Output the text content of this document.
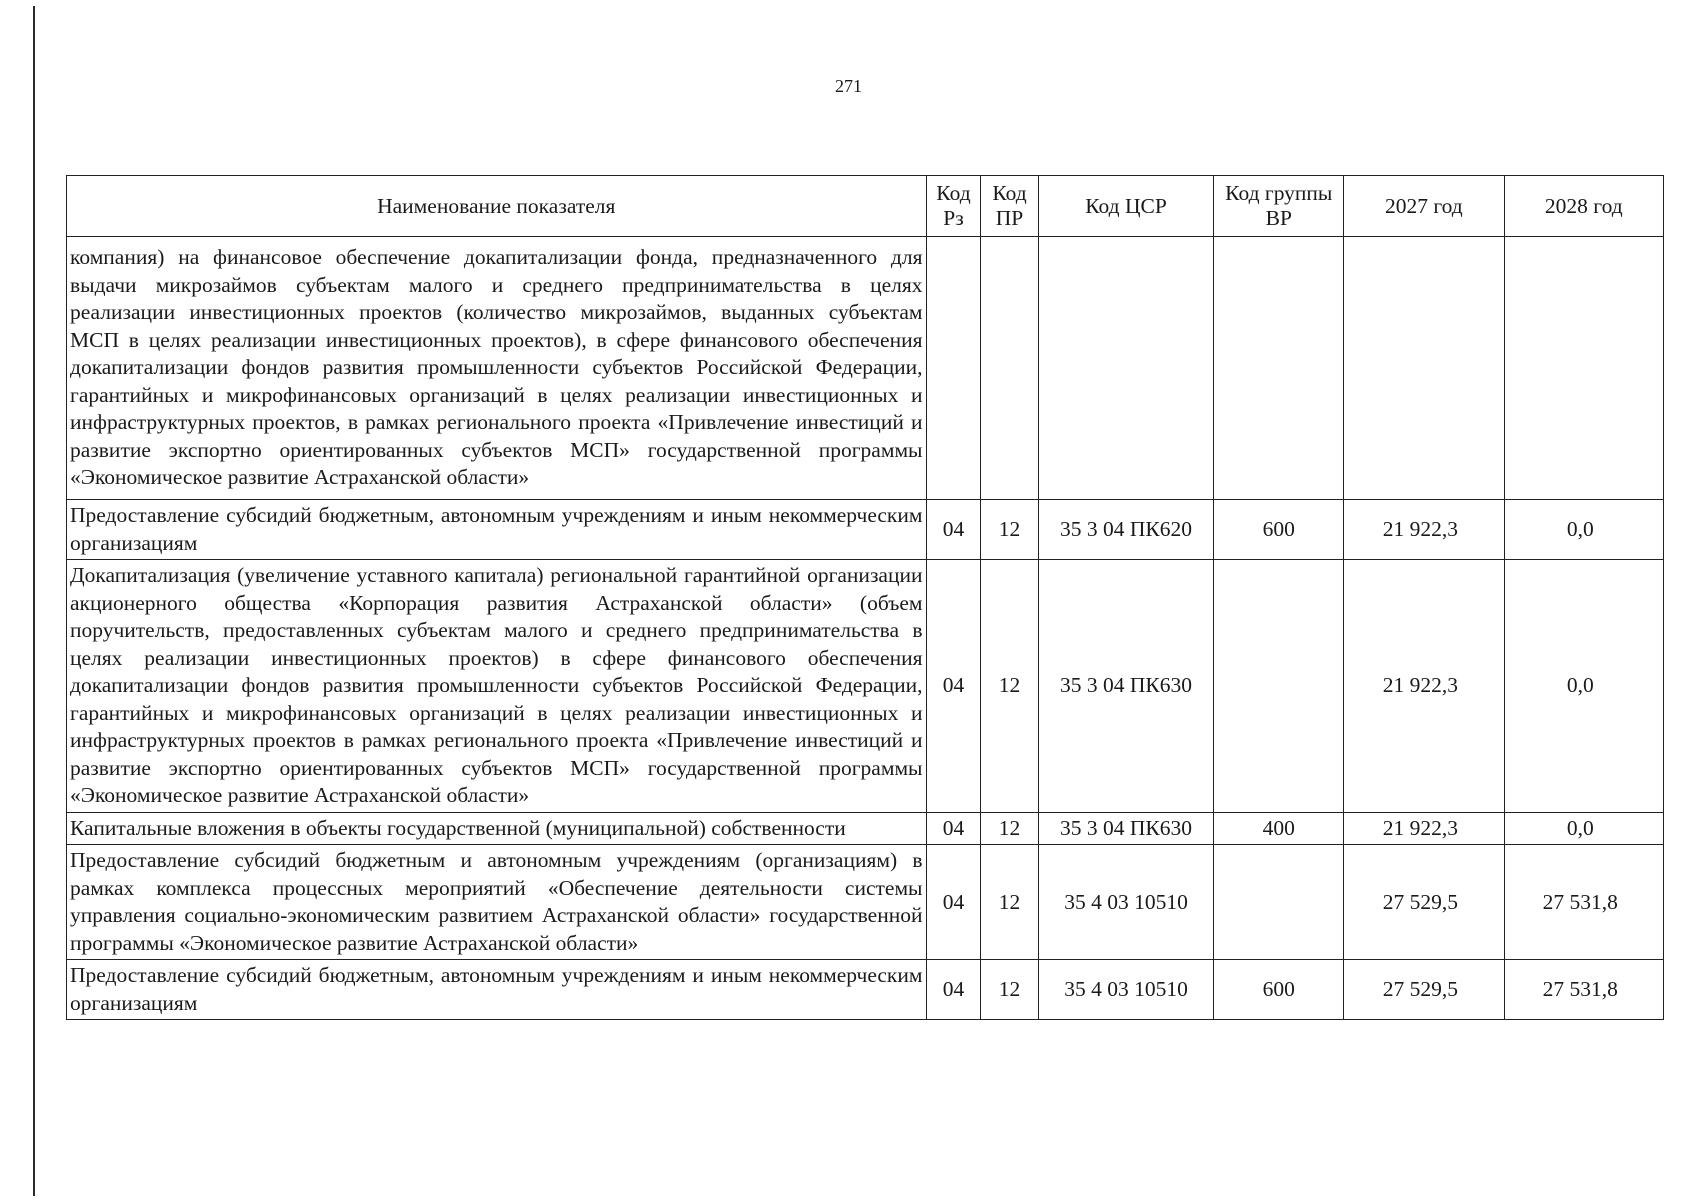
271
Наименование показателя	Код Рз	Код ПР	Код ЦСР	Код группы ВР	2027 год	2028 год
компания) на финансовое обеспечение докапитализации фонда, предназначенного для выдачи микрозаймов субъектам малого и среднего предпринимательства в целях реализации инвестиционных проектов (количество микрозаймов, выданных субъектам МСП в целях реализации инвестиционных проектов), в сфере финансового обеспечения докапитализации фондов развития промышленности субъектов Российской Федерации, гарантийных и микрофинансовых организаций в целях реализации инвестиционных и инфраструктурных проектов, в рамках регионального проекта «Привлечение инвестиций и развитие экспортно ориентированных субъектов МСП» государственной программы «Экономическое развитие Астраханской области»						
Предоставление субсидий бюджетным, автономным учреждениям и иным некоммерческим организациям	04	12	35 3 04 ПК620	600	21 922,3	0,0
Докапитализация (увеличение уставного капитала) региональной гарантийной организации акционерного общества «Корпорация развития Астраханской области» (объем поручительств, предоставленных субъектам малого и среднего предпринимательства в целях реализации инвестиционных проектов) в сфере финансового обеспечения докапитализации фондов развития промышленности субъектов Российской Федерации, гарантийных и микрофинансовых организаций в целях реализации инвестиционных и инфраструктурных проектов в рамках регионального проекта «Привлечение инвестиций и развитие экспортно ориентированных субъектов МСП» государственной программы «Экономическое развитие Астраханской области»	04	12	35 3 04 ПК630		21 922,3	0,0
Капитальные вложения в объекты государственной (муниципальной) собственности	04	12	35 3 04 ПК630	400	21 922,3	0,0
Предоставление субсидий бюджетным и автономным учреждениям (организациям) в рамках комплекса процессных мероприятий «Обеспечение деятельности системы управления социально-экономическим развитием Астраханской области» государственной программы «Экономическое развитие Астраханской области»	04	12	35 4 03 10510		27 529,5	27 531,8
Предоставление субсидий бюджетным, автономным учреждениям и иным некоммерческим организациям	04	12	35 4 03 10510	600	27 529,5	27 531,8
